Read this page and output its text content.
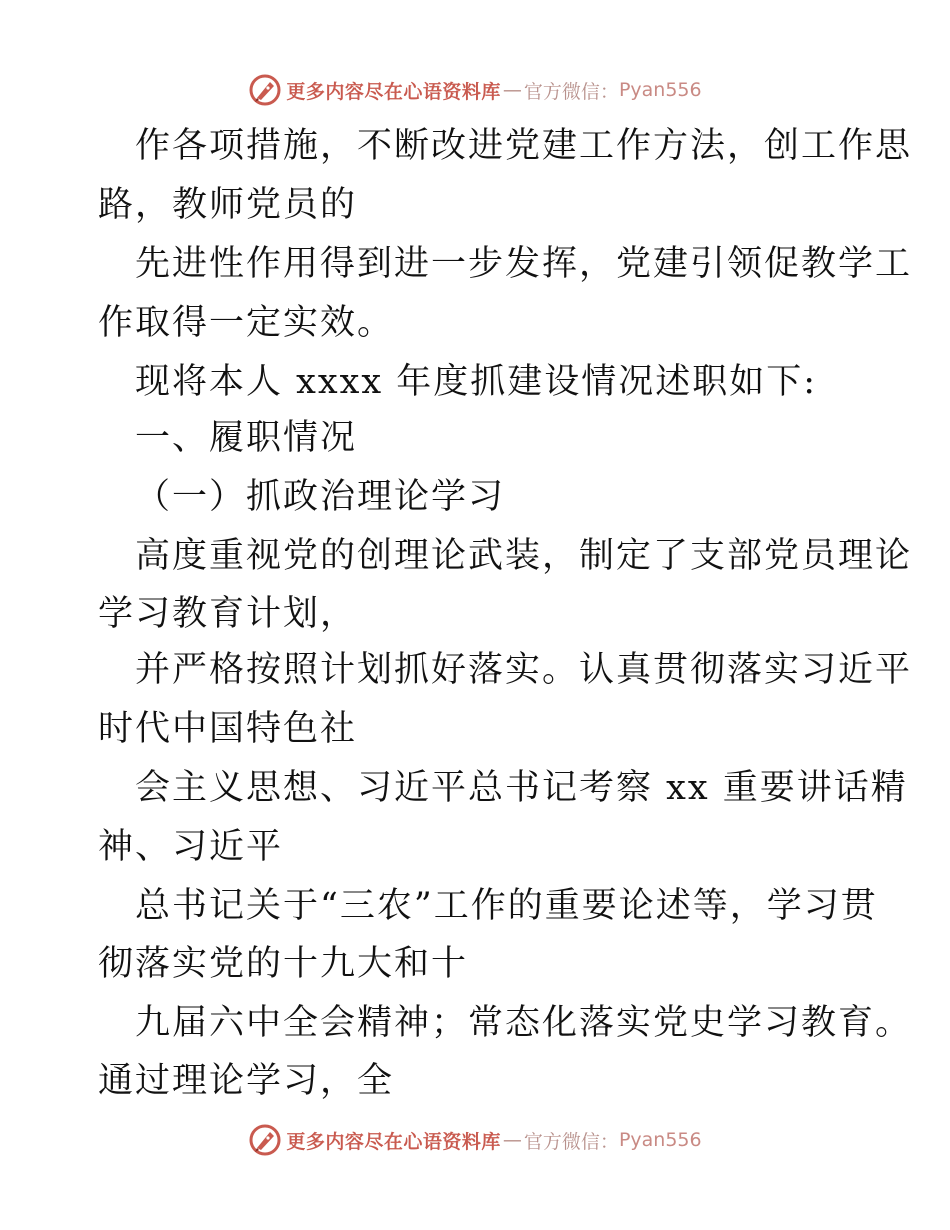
更多内容尽在心语资料库 — 官方微信： Pyan556
作各项措施，不断改进党建工作方法，创工作思
路，教师党员的
先进性作用得到进一步发挥，党建引领促教学工
作取得一定实效。
现将本人 xxxx 年度抓建设情况述职如下:
一、履职情况
（一）抓政治理论学习
高度重视党的创理论武装，制定了支部党员理论
学习教育计划，
并严格按照计划抓好落实。认真贯彻落实习近平
时代中国特色社
会主义思想、习近平总书记考察 xx 重要讲话精
神、习近平
总书记关于“三农”工作的重要论述等，学习贯
彻落实党的十九大和十
九届六中全会精神；常态化落实党史学习教育。
通过理论学习，全
更多内容尽在心语资料库 — 官方微信： Pyan556
